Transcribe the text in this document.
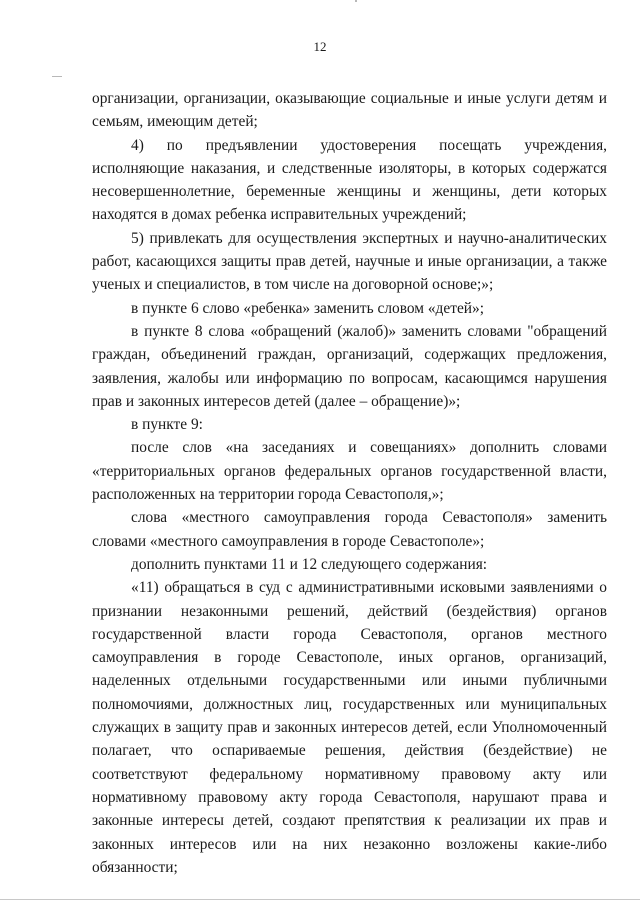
12

организации, организации, оказывающие социальные и иные услуги детям и семьям, имеющим детей;

4) по предъявлении удостоверения посещать учреждения, исполняющие наказания, и следственные изоляторы, в которых содержатся несовершеннолетние, беременные женщины и женщины, дети которых находятся в домах ребенка исправительных учреждений;

5) привлекать для осуществления экспертных и научно-аналитических работ, касающихся защиты прав детей, научные и иные организации, а также ученых и специалистов, в том числе на договорной основе;»;

в пункте 6 слово «ребенка» заменить словом «детей»;

в пункте 8 слова «обращений (жалоб)» заменить словами "обращений граждан, объединений граждан, организаций, содержащих предложения, заявления, жалобы или информацию по вопросам, касающимся нарушения прав и законных интересов детей (далее – обращение)»;

в пункте 9:

после слов «на заседаниях и совещаниях» дополнить словами «территориальных органов федеральных органов государственной власти, расположенных на территории города Севастополя,»;

слова «местного самоуправления города Севастополя» заменить словами «местного самоуправления в городе Севастополе»;

дополнить пунктами 11 и 12 следующего содержания:

«11) обращаться в суд с административными исковыми заявлениями о признании незаконными решений, действий (бездействия) органов государственной власти города Севастополя, органов местного самоуправления в городе Севастополе, иных органов, организаций, наделенных отдельными государственными или иными публичными полномочиями, должностных лиц, государственных или муниципальных служащих в защиту прав и законных интересов детей, если Уполномоченный полагает, что оспариваемые решения, действия (бездействие) не соответствуют федеральному нормативному правовому акту или нормативному правовому акту города Севастополя, нарушают права и законные интересы детей, создают препятствия к реализации их прав и законных интересов или на них незаконно возложены какие-либо обязанности;
